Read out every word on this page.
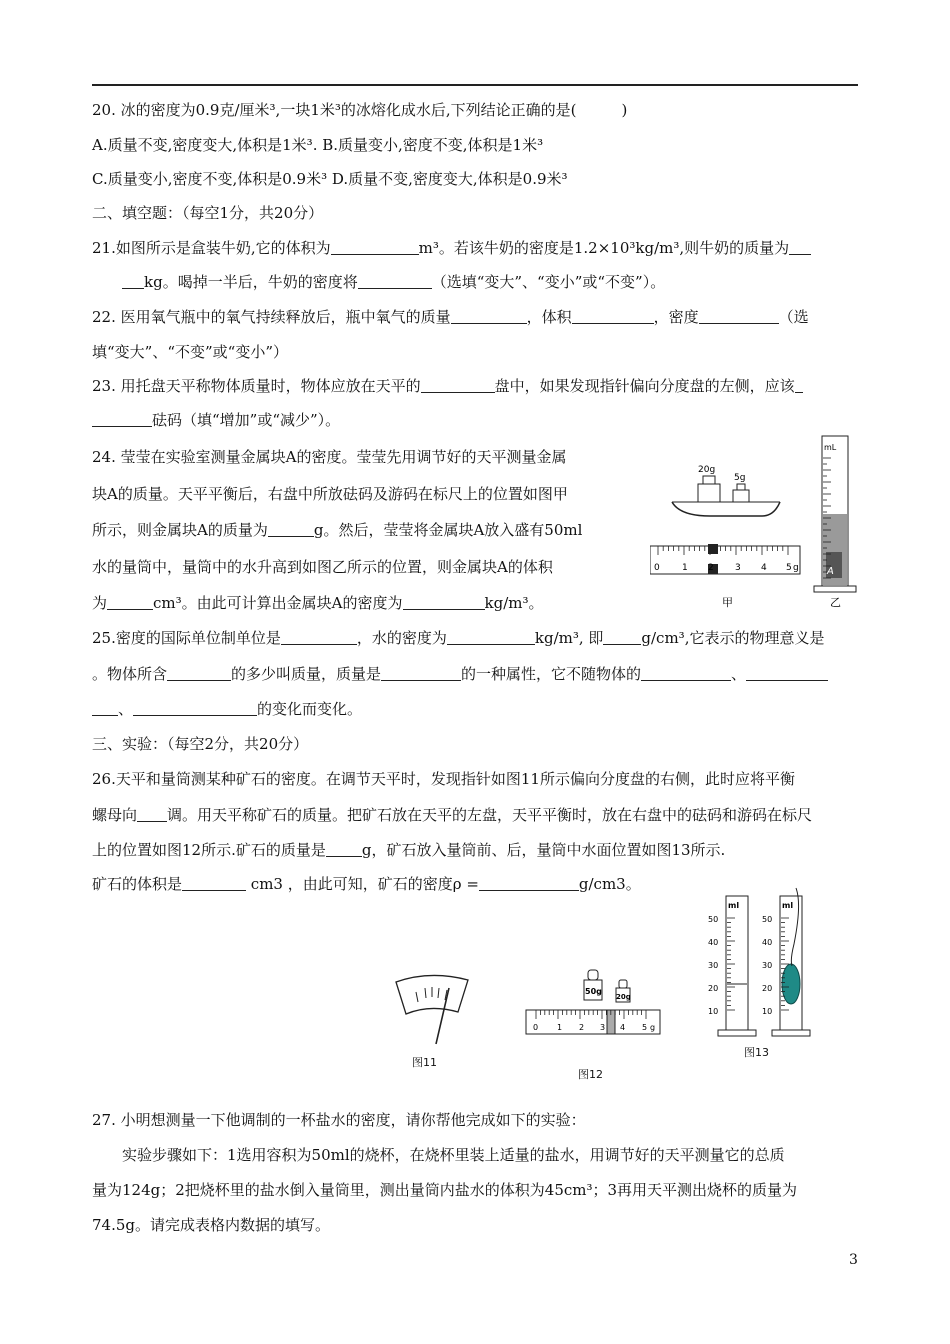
20. 冰的密度为0.9克/厘米³,一块1米³的冰熔化成水后,下列结论正确的是(　　　)
A.质量不变,密度变大,体积是1米³. B.质量变小,密度不变,体积是1米³
C.质量变小,密度不变,体积是0.9米³ D.质量不变,密度变大,体积是0.9米³
二、填空题：（每空1分，共20分）
21.如图所示是盒装牛奶,它的体积为	m³。若该牛奶的密度是1.2×10³kg/m³,则牛奶的质量为
kg。喝掉一半后，牛奶的密度将	（选填“变大”、“变小”或“不变”）。
22. 医用氧气瓶中的氧气持续释放后，瓶中氧气的质量	，体积	，密度	（选
填“变大”、“不变”或“变小”）
23. 用托盘天平称物体质量时，物体应放在天平的	盘中，如果发现指针偏向分度盘的左侧，应该
砝码（填“增加”或“减少”）。
24. 莹莹在实验室测量金属块A的密度。莹莹先用调节好的天平测量金属
块A的质量。天平平衡后，右盘中所放砝码及游码在标尺上的位置如图甲
所示，则金属块A的质量为	g。然后，莹莹将金属块A放入盛有50ml
水的量筒中，量筒中的水升高到如图乙所示的位置，则金属块A的体积
为	cm³。由此可计算出金属块A的密度为	kg/m³。
20g
5g
0 1 2 3 4 5 g	A
mL
甲	乙
25.密度的国际单位制单位是	，水的密度为	kg/m³, 即	g/cm³,它表示的物理意义是
。物体所含	的多少叫质量，质量是	的一种属性，它不随物体的	、
、	的变化而变化。
三、实验：（每空2分，共20分）
26.天平和量筒测某种矿石的密度。在调节天平时，发现指针如图11所示偏向分度盘的右侧，此时应将平衡
螺母向 调。用天平称矿石的质量。把矿石放在天平的左盘，天平平衡时，放在右盘中的砝码和游码在标尺
上的位置如图12所示.矿石的质量是 g，矿石放入量筒前、后，量筒中水面位置如图13所示.
矿石的体积是	cm3 ，由此可知，矿石的密度ρ =	g/cm3。
图11
50g
20g
0 1 2 3 4 5 g
图12
ml
50
40
30
20
10
ml
50
40
30
20
10
图13
27. 小明想测量一下他调制的一杯盐水的密度，请你帮他完成如下的实验：
实验步骤如下：1选用容积为50ml的烧杯，在烧杯里装上适量的盐水，用调节好的天平测量它的总质
量为124g；2把烧杯里的盐水倒入量筒里，测出量筒内盐水的体积为45cm³；3再用天平测出烧杯的质量为
74.5g。请完成表格内数据的填写。
3
